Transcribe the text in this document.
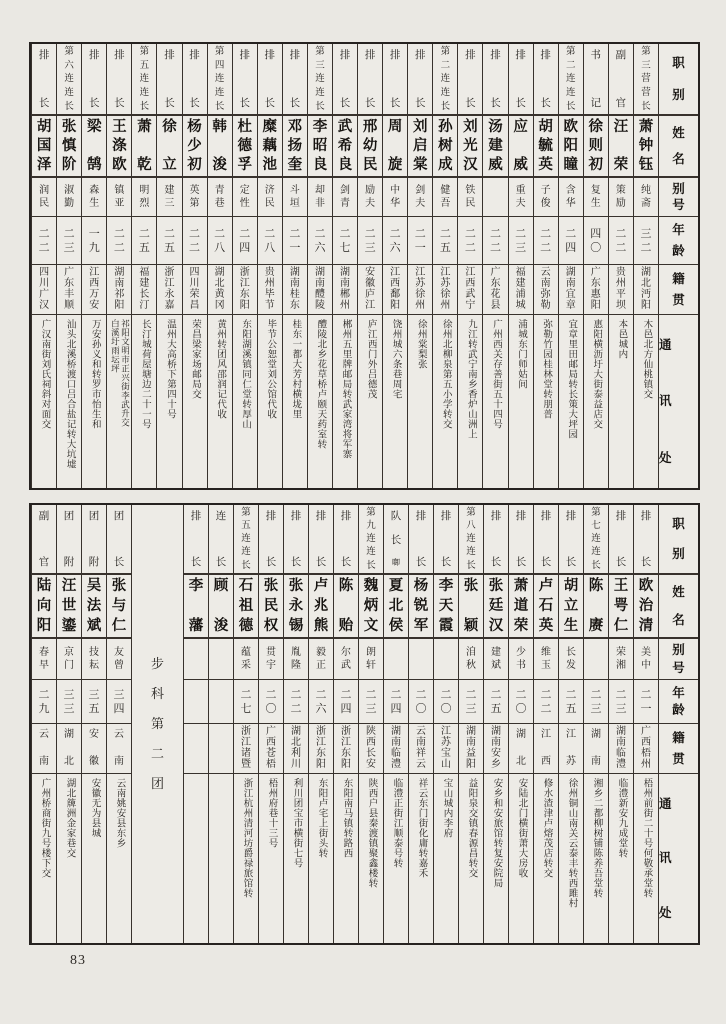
职
别
姓
名
别
号
年
龄
籍
贯
通
讯
处
第
三
营
营
长
萧
钟
钰
纯
斋
三
二
湖
北
沔
阳
木邑北方仙桃镇交
副
官
汪
荣
策
励
二
二
贵
州
平
坝
本邑城内
书
记
徐
则
初
复
生
四
〇
广
东
惠
阳
惠阳横沥圩大街泰益店交
第
二
连
连
长
欧
阳
瞳
含
华
二
四
湖
南
宜
章
宜章里田邮局转长策大坪园
排
长
胡
毓
英
子
俊
二
二
云
南
弥
勒
弥勒竹园桂林堂转朋普
排
长
应
威
重
夫
二
三
福
建
浦
城
浦城东门师姑间
排
长
汤
建
威
二
二
广
东
花
县
广州西关存善街五十四号
排
长
刘
光
汉
铁
民
二
二
江
西
武
宁
九江转武宁南乡香炉山洲上
第
二
连
连
长
孙
树
成
健
吾
二
五
江
苏
徐
州
徐州北柳泉第五小学转交
排
长
刘
启
棠
剑
夫
二
一
江
苏
徐
州
徐州棠梨张
排
长
周
旋
中
华
二
六
江
西
鄱
阳
饶州城六条巷周宅
排
长
邢
幼
民
励
夫
二
三
安
徽
庐
江
庐江西门外吕德茂
排
长
武
希
良
剑
青
二
七
湖
南
郴
州
郴州五里牌邮局转武家湾将军寨
第
三
连
连
长
李
昭
良
却
非
二
六
湖
南
醴
陵
醴陵北乡花草桥卢颐天药室转
排
长
邓
扬
奎
斗
垣
二
一
湖
南
桂
东
桂东一都大芳村横垅里
排
长
糜
藕
池
济
民
二
八
贵
州
毕
节
毕节公恕堂刘公馆代收
排
长
杜
德
孚
定
性
二
四
浙
江
东
阳
东阳湖溪镇同仁堂转厚山
第
四
连
连
长
韩
浚
青
巷
二
八
湖
北
黄
冈
黄州转团风邵润记代收
排
长
杨
少
初
英
第
二
二
四
川
荣
昌
荣昌梁家场邮局交
排
长
徐
立
建
三
二
五
浙
江
永
嘉
温州大高桥下第四十号
第
五
连
连
长
萧
乾
明
烈
二
五
福
建
长
汀
长汀城荷屋塘边二十一号
排
长
王
涤
欧
镇
亚
二
二
湖
南
祁
阳
祁阳文明市正兴街李武升交白溪圩雨坛坪
排
长
梁
鹄
森
生
一
九
江
西
万
安
万安孙义和转罗市怡生和
第
六
连
连
长
张
慎
阶
淑
勤
二
三
广
东
丰
顺
汕头北溪桥渡口吕合盐记转大坑墟
排
长
胡
国
泽
润
民
二
二
四
川
广
汉
广汉南街刘氏祠斜对面交
职
别
姓
名
别
号
年
龄
籍
贯
通
讯
处
排
长
欧
治
清
美
中
二
一
广
西
梧
州
梧州前街二十号何敬承堂转
排
长
王
咢
仁
荣
湘
二
三
湖
南
临
澧
临澧新安九成堂转
第
七
连
连
长
陈
赓
二
三
湖
南
湘乡二都柳树铺陈养吾堂转
排
长
胡
立
生
长
发
二
五
江
苏
徐州铜山南关云泰丰转西雎村
排
长
卢
石
英
维
玉
二
二
江
西
修水渣津卢熔茂店转交
排
长
萧
道
荣
少
书
二
〇
湖
北
安陆北门横街萧大房收
排
长
张
廷
汉
建
斌
二
五
湖
南
安
乡
安乡和安旅馆转复安院局
第
八
连
连
长
张
颖
洎
秋
二
三
湖
南
益
阳
益阳泉交镇春源昌转交
排
长
李
天
霞
二
〇
江
苏
宝
山
宝山城内李府
排
长
杨
锐
军
二
〇
云
南
祥
云
祥云东门街化庸转嘉禾
队
长
啣
夏
北
侯
二
四
湖
南
临
澧
临澧正街江顺泰号转
第
九
连
连
长
魏
炳
文
朗
轩
二
三
陕
西
长
安
陕西户县秦渡镇聚鑫楼转
排
长
陈
贻
尔
武
二
四
浙
江
东
阳
东阳南马镇转路西
排
长
卢
兆
熊
毅
正
二
六
浙
江
东
阳
东阳卢宅上街头转
排
长
张
永
锡
胤
隆
二
二
湖
北
利
川
利川团宝市横街七号
排
长
张
民
权
贯
宇
二
〇
广
西
苍
梧
梧州府巷十三号
第
五
连
连
长
石
祖
德
蕴
采
二
七
浙
江
诸
暨
浙江杭州清河坊爵禄旅馆转
连
长
顾
浚
排
长
李
藩
步
科
第
二
团
团
长
张
与
仁
友
曾
三
四
云
南
云南姚安县东乡
团
附
吴
法
斌
技
耘
三
五
安
徽
安徽无为县城
团
附
汪
世
鎏
京
门
三
三
湖
北
湖北簰洲金家巷交
副
官
陆
向
阳
春
早
二
九
云
南
广州桥商街九号楼下交
83
